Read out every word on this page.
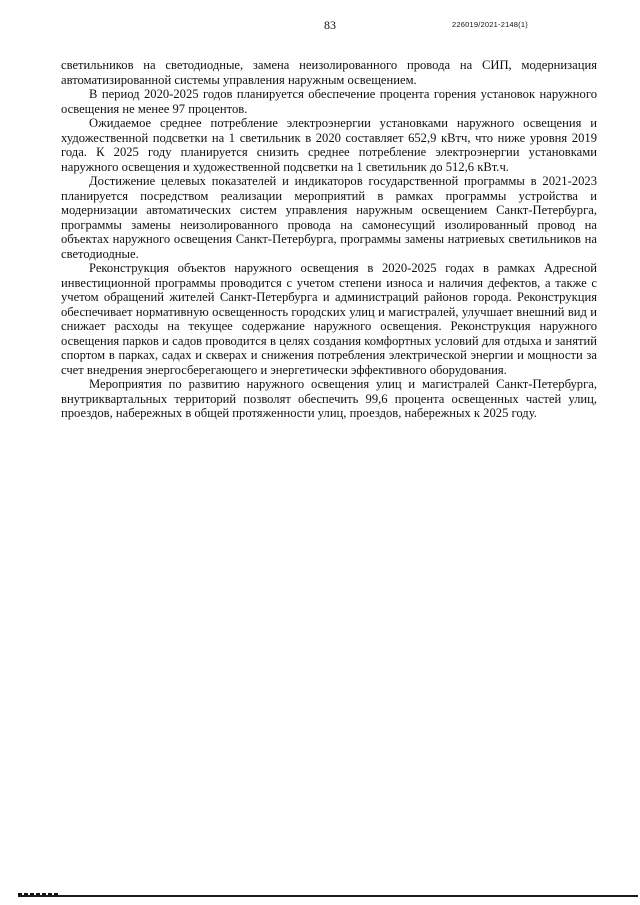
83	226019/2021-2148(1)

светильников на светодиодные, замена неизолированного провода на СИП, модернизация автоматизированной системы управления наружным освещением.

В период 2020-2025 годов планируется обеспечение процента горения установок наружного освещения не менее 97 процентов.

Ожидаемое среднее потребление электроэнергии установками наружного освещения и художественной подсветки на 1 светильник в 2020 составляет 652,9 кВтч, что ниже уровня 2019 года. К 2025 году планируется снизить среднее потребление электроэнергии установками наружного освещения и художественной подсветки на 1 светильник до 512,6 кВт.ч.

Достижение целевых показателей и индикаторов государственной программы в 2021-2023 планируется посредством реализации мероприятий в рамках программы устройства и модернизации автоматических систем управления наружным освещением Санкт-Петербурга, программы замены неизолированного провода на самонесущий изолированный провод на объектах наружного освещения Санкт-Петербурга, программы замены натриевых светильников на светодиодные.

Реконструкция объектов наружного освещения в 2020-2025 годах в рамках Адресной инвестиционной программы проводится с учетом степени износа и наличия дефектов, а также с учетом обращений жителей Санкт-Петербурга и администраций районов города. Реконструкция обеспечивает нормативную освещенность городских улиц и магистралей, улучшает внешний вид и снижает расходы на текущее содержание наружного освещения. Реконструкция наружного освещения парков и садов проводится в целях создания комфортных условий для отдыха и занятий спортом в парках, садах и скверах и снижения потребления электрической энергии и мощности за счет внедрения энергосберегающего и энергетически эффективного оборудования.

Мероприятия по развитию наружного освещения улиц и магистралей Санкт-Петербурга, внутриквартальных территорий позволят обеспечить 99,6 процента освещенных частей улиц, проездов, набережных в общей протяженности улиц, проездов, набережных к 2025 году.
